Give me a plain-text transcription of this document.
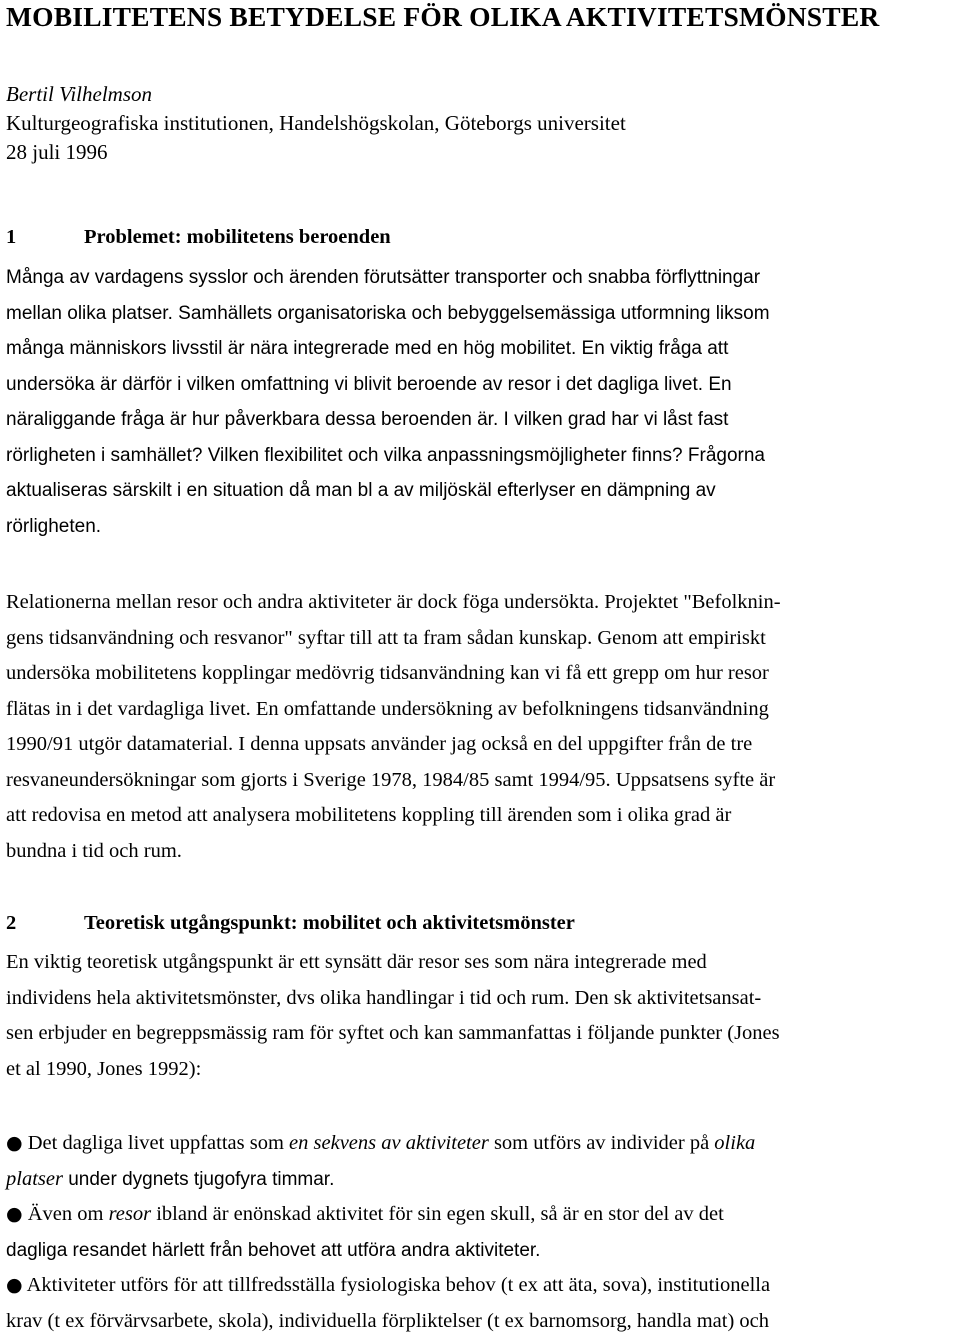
MOBILITETENS BETYDELSE FÖR OLIKA AKTIVITETSMÖNSTER
Bertil Vilhelmson
Kulturgeografiska institutionen, Handelshögskolan, Göteborgs universitet
28 juli 1996
1	Problemet: mobilitetens beroenden
Många av vardagens sysslor och ärenden förutsätter transporter och snabba förflyttningar
mellan olika platser. Samhällets organisatoriska och bebyggelsemässiga utformning liksom
många människors livsstil är nära integrerade med en hög mobilitet. En viktig fråga att
undersöka är därför i vilken omfattning vi blivit beroende av resor i det dagliga livet. En
näraliggande fråga är hur påverkbara dessa beroenden är. I vilken grad har vi låst fast
rörligheten i samhället? Vilken flexibilitet och vilka anpassningsmöjligheter finns? Frågorna
aktualiseras särskilt i en situation då man bl a av miljöskäl efterlyser en dämpning av
rörligheten.
Relationerna mellan resor och andra aktiviteter är dock föga undersökta. Projektet "Befolknin-
gens tidsanvändning och resvanor" syftar till att ta fram sådan kunskap. Genom att empiriskt
undersöka mobilitetens kopplingar medövrig tidsanvändning kan vi få ett grepp om hur resor
flätas in i det vardagliga livet. En omfattande undersökning av befolkningens tidsanvändning
1990/91 utgör datamaterial. I denna uppsats använder jag också en del uppgifter från de tre
resvaneundersökningar som gjorts i Sverige 1978, 1984/85 samt 1994/95. Uppsatsens syfte är
att redovisa en metod att analysera mobilitetens koppling till ärenden som i olika grad är
bundna i tid och rum.
2	Teoretisk utgångspunkt: mobilitet och aktivitetsmönster
En viktig teoretisk utgångspunkt är ett synsätt där resor ses som nära integrerade med
individens hela aktivitetsmönster, dvs olika handlingar i tid och rum. Den sk aktivitetsansat-
sen erbjuder en begreppsmässig ram för syftet och kan sammanfattas i följande punkter (Jones
et al 1990, Jones 1992):
● Det dagliga livet uppfattas som en sekvens av aktiviteter som utförs av individer på olika
platser under dygnets tjugofyra timmar.
● Även om resor ibland är enönskad aktivitet för sin egen skull, så är en stor del av det
dagliga resandet härlett från behovet att utföra andra aktiviteter.
● Aktiviteter utförs för att tillfredsställa fysiologiska behov (t ex att äta, sova), institutionella
krav (t ex förvärvsarbete, skola), individuella förpliktelser (t ex barnomsorg, handla mat) och
